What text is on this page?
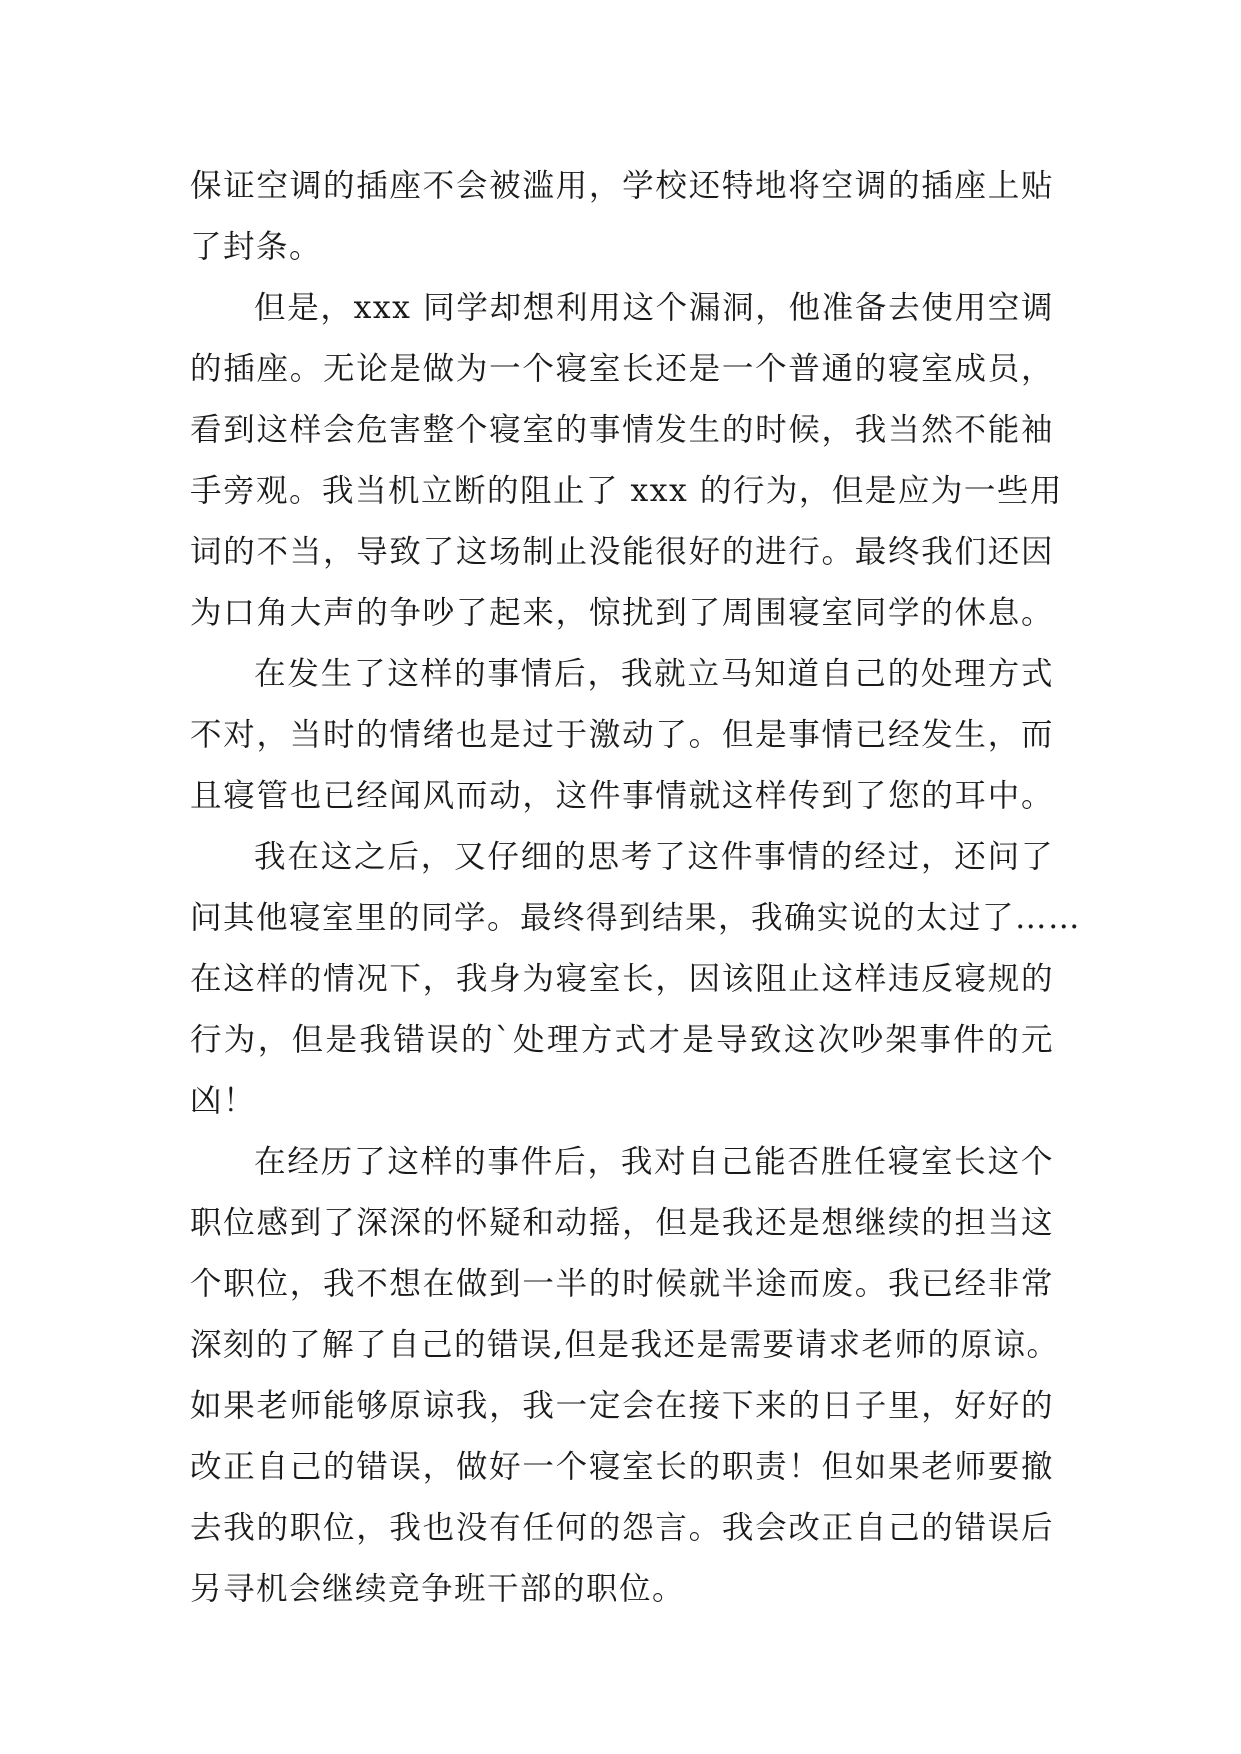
保证空调的插座不会被滥用，学校还特地将空调的插座上贴
了封条。
但是，xxx 同学却想利用这个漏洞，他准备去使用空调
的插座。无论是做为一个寝室长还是一个普通的寝室成员，
看到这样会危害整个寝室的事情发生的时候，我当然不能袖
手旁观。我当机立断的阻止了 xxx 的行为，但是应为一些用
词的不当，导致了这场制止没能很好的进行。最终我们还因
为口角大声的争吵了起来，惊扰到了周围寝室同学的休息。
在发生了这样的事情后，我就立马知道自己的处理方式
不对，当时的情绪也是过于激动了。但是事情已经发生，而
且寝管也已经闻风而动，这件事情就这样传到了您的耳中。
我在这之后，又仔细的思考了这件事情的经过，还问了
问其他寝室里的同学。最终得到结果，我确实说的太过了……
在这样的情况下，我身为寝室长，因该阻止这样违反寝规的
行为，但是我错误的`处理方式才是导致这次吵架事件的元
凶！
在经历了这样的事件后，我对自己能否胜任寝室长这个
职位感到了深深的怀疑和动摇，但是我还是想继续的担当这
个职位，我不想在做到一半的时候就半途而废。我已经非常
深刻的了解了自己的错误,但是我还是需要请求老师的原谅。
如果老师能够原谅我，我一定会在接下来的日子里，好好的
改正自己的错误，做好一个寝室长的职责！但如果老师要撤
去我的职位，我也没有任何的怨言。我会改正自己的错误后
另寻机会继续竞争班干部的职位。
